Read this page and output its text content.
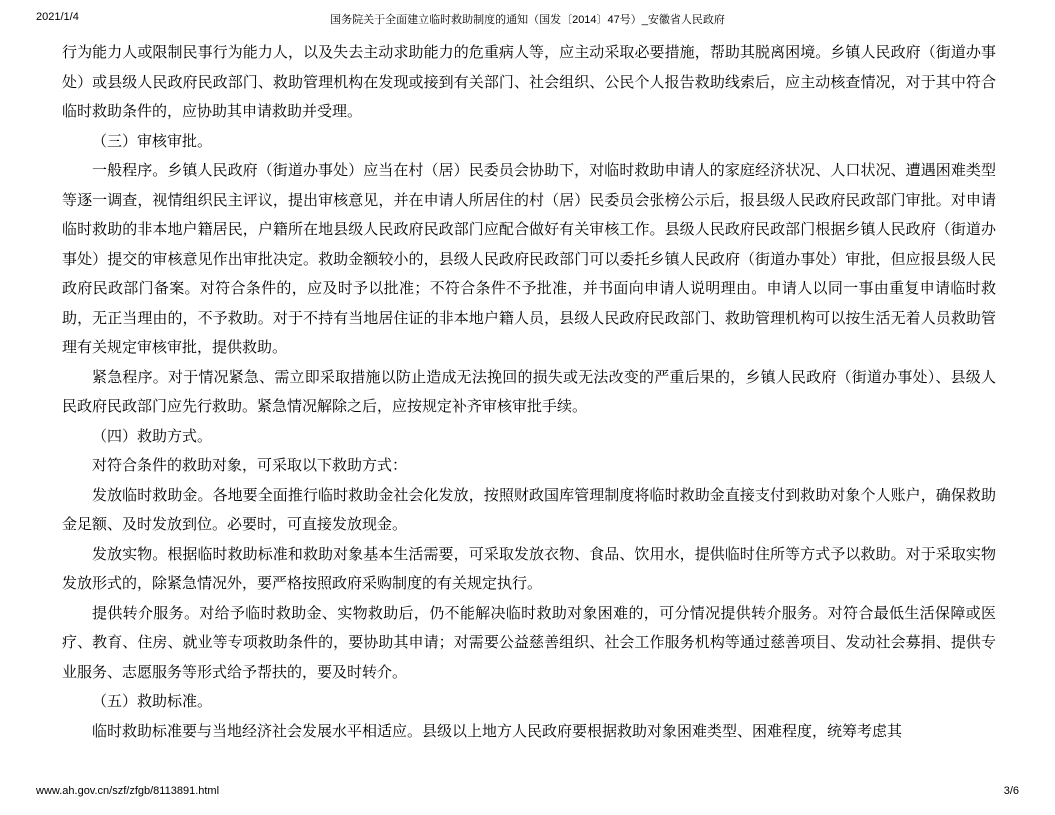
2021/1/4	国务院关于全面建立临时救助制度的通知（国发〔2014〕47号）_安徽省人民政府

行为能力人或限制民事行为能力人，以及失去主动求助能力的危重病人等，应主动采取必要措施，帮助其脱离困境。乡镇人民政府（街道办事处）或县级人民政府民政部门、救助管理机构在发现或接到有关部门、社会组织、公民个人报告救助线索后，应主动核查情况，对于其中符合临时救助条件的，应协助其申请救助并受理。

（三）审核审批。

一般程序。乡镇人民政府（街道办事处）应当在村（居）民委员会协助下，对临时救助申请人的家庭经济状况、人口状况、遭遇困难类型等逐一调查，视情组织民主评议，提出审核意见，并在申请人所居住的村（居）民委员会张榜公示后，报县级人民政府民政部门审批。对申请临时救助的非本地户籍居民，户籍所在地县级人民政府民政部门应配合做好有关审核工作。县级人民政府民政部门根据乡镇人民政府（街道办事处）提交的审核意见作出审批决定。救助金额较小的，县级人民政府民政部门可以委托乡镇人民政府（街道办事处）审批，但应报县级人民政府民政部门备案。对符合条件的，应及时予以批准；不符合条件不予批准，并书面向申请人说明理由。申请人以同一事由重复申请临时救助，无正当理由的，不予救助。对于不持有当地居住证的非本地户籍人员，县级人民政府民政部门、救助管理机构可以按生活无着人员救助管理有关规定审核审批，提供救助。

紧急程序。对于情况紧急、需立即采取措施以防止造成无法挽回的损失或无法改变的严重后果的，乡镇人民政府（街道办事处）、县级人民政府民政部门应先行救助。紧急情况解除之后，应按规定补齐审核审批手续。

（四）救助方式。

对符合条件的救助对象，可采取以下救助方式：

发放临时救助金。各地要全面推行临时救助金社会化发放，按照财政国库管理制度将临时救助金直接支付到救助对象个人账户，确保救助金足额、及时发放到位。必要时，可直接发放现金。

发放实物。根据临时救助标准和救助对象基本生活需要，可采取发放衣物、食品、饮用水，提供临时住所等方式予以救助。对于采取实物发放形式的，除紧急情况外，要严格按照政府采购制度的有关规定执行。

提供转介服务。对给予临时救助金、实物救助后，仍不能解决临时救助对象困难的，可分情况提供转介服务。对符合最低生活保障或医疗、教育、住房、就业等专项救助条件的，要协助其申请；对需要公益慈善组织、社会工作服务机构等通过慈善项目、发动社会募捐、提供专业服务、志愿服务等形式给予帮扶的，要及时转介。

（五）救助标准。

临时救助标准要与当地经济社会发展水平相适应。县级以上地方人民政府要根据救助对象困难类型、困难程度，统筹考虑其

www.ah.gov.cn/szf/zfgb/8113891.html	3/6
